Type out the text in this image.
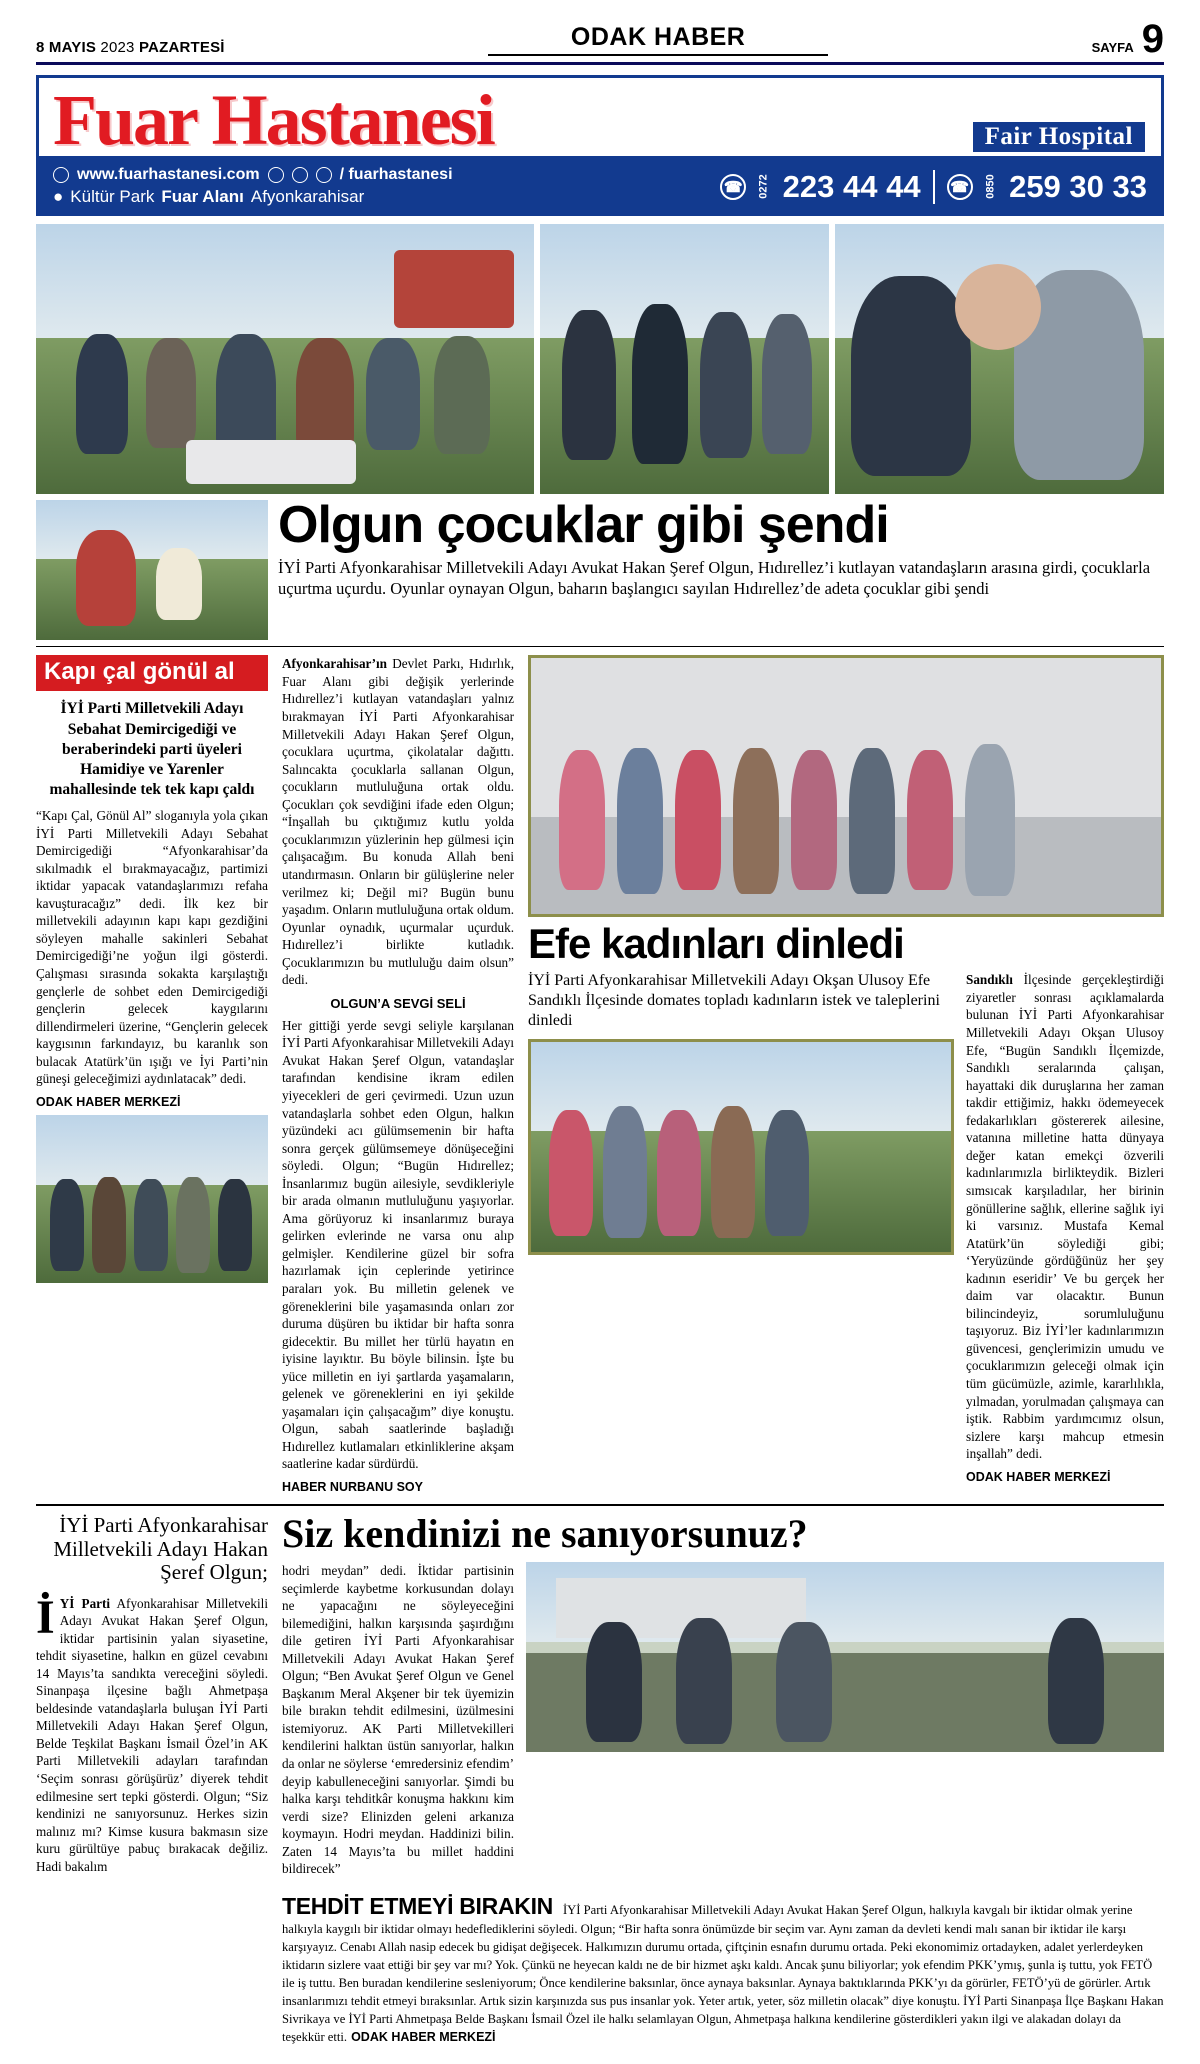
8 MAYIS 2023 PAZARTESİ	ODAK HABER	SAYFA 9
Fuar Hastanesi	Fair Hospital
www.fuarhastanesi.com	/ fuarhastanesi
● Kültür Park Fuar Alanı Afyonkarahisar	☎	0272 223 44 44 ☎	0850 259 30 33
Olgun çocuklar gibi şendi
İYİ Parti Afyonkarahisar Milletvekili Adayı Avukat Hakan Şeref Olgun, Hıdırellez’i kutlayan vatandaşların arasına girdi, çocuklarla uçurtma uçurdu. Oyunlar oynayan Olgun, baharın başlangıcı sayılan Hıdırellez’de adeta çocuklar gibi şendi
Kapı çal gönül al
İYİ Parti Milletvekili Adayı Sebahat Demircigediği ve beraberindeki parti üyeleri Hamidiye ve Yarenler mahallesinde tek tek kapı çaldı

“Kapı Çal, Gönül Al” sloganıyla yola çıkan İYİ Parti Milletvekili Adayı Sebahat Demircigediği “Afyonkarahisar’da sıkılmadık el bırakmayacağız, partimizi iktidar yapacak vatandaşlarımızı refaha kavuşturacağız” dedi. İlk kez bir milletvekili adayının kapı kapı gezdiğini söyleyen mahalle sakinleri Sebahat Demircigediği’ne yoğun ilgi gösterdi. Çalışması sırasında sokakta karşılaştığı gençlerle de sohbet eden Demircigediği gençlerin gelecek kaygılarını dillendirmeleri üzerine, “Gençlerin gelecek kaygısının farkındayız, bu karanlık son bulacak Atatürk’ün ışığı ve İyi Parti’nin güneşi geleceğimizi aydınlatacak” dedi.

ODAK HABER MERKEZİ

Afyonkarahisar’ın Devlet Parkı, Hıdırlık, Fuar Alanı gibi değişik yerlerinde Hıdırellez’i kutlayan vatandaşları yalnız bırakmayan İYİ Parti Afyonkarahisar Milletvekili Adayı Hakan Şeref Olgun, çocuklara uçurtma, çikolatalar dağıttı. Salıncakta çocuklarla sallanan Olgun, çocukların mutluluğuna ortak oldu. Çocukları çok sevdiğini ifade eden Olgun; “İnşallah bu çıktığımız kutlu yolda çocuklarımızın yüzlerinin hep gülmesi için çalışacağım. Bu konuda Allah beni utandırmasın. Onların bir gülüşlerine neler verilmez ki; Değil mi? Bugün bunu yaşadım. Onların mutluluğuna ortak oldum. Oyunlar oynadık, uçurmalar uçurduk. Hıdırellez’i birlikte kutladık. Çocuklarımızın bu mutluluğu daim olsun” dedi.

OLGUN’A SEVGİ SELİ

Her gittiği yerde sevgi seliyle karşılanan İYİ Parti Afyonkarahisar Milletvekili Adayı Avukat Hakan Şeref Olgun, vatandaşlar tarafından kendisine ikram edilen yiyecekleri de geri çevirmedi. Uzun uzun vatandaşlarla sohbet eden Olgun, halkın yüzündeki acı gülümsemenin bir hafta sonra gerçek gülümsemeye dönüşeceğini söyledi. Olgun; “Bugün Hıdırellez; İnsanlarımız bugün ailesiyle, sevdikleriyle bir arada olmanın mutluluğunu yaşıyorlar. Ama görüyoruz ki insanlarımız buraya gelirken evlerinde ne varsa onu alıp gelmişler. Kendilerine güzel bir sofra hazırlamak için ceplerinde yetirince paraları yok. Bu milletin gelenek ve göreneklerini bile yaşamasında onları zor duruma düşüren bu iktidar bir hafta sonra gidecektir. Bu millet her türlü hayatın en iyisine layıktır. Bu böyle bilinsin. İşte bu yüce milletin en iyi şartlarda yaşamaların, gelenek ve göreneklerini en iyi şekilde yaşamaları için çalışacağım” diye konuştu. Olgun, sabah saatlerinde başladığı Hıdırellez kutlamaları etkinliklerine akşam saatlerine kadar sürdürdü.

HABER NURBANU SOY
Efe kadınları dinledi
İYİ Parti Afyonkarahisar Milletvekili Adayı Okşan Ulusoy Efe Sandıklı İlçesinde domates topladı kadınların istek ve taleplerini dinledi

Sandıklı İlçesinde gerçekleştirdiği ziyaretler sonrası açıklamalarda bulunan İYİ Parti Afyonkarahisar Milletvekili Adayı Okşan Ulusoy Efe, “Bugün Sandıklı İlçemizde, Sandıklı seralarında çalışan, hayattaki dik duruşlarına her zaman takdir ettiğimiz, hakkı ödemeyecek fedakarlıkları göstererek ailesine, vatanına milletine hatta dünyaya değer katan emekçi özverili kadınlarımızla birlikteydik. Bizleri sımsıcak karşıladılar, her birinin gönüllerine sağlık, ellerine sağlık iyi ki varsınız. Mustafa Kemal Atatürk’ün söylediği gibi; ‘Yeryüzünde gördüğünüz her şey kadının eseridir’ Ve bu gerçek her daim var olacaktır. Bunun bilincindeyiz, sorumluluğunu taşıyoruz. Biz İYİ’ler kadınlarımızın güvencesi, gençlerimizin umudu ve çocuklarımızın geleceği olmak için tüm gücümüzle, azimle, kararlılıkla, yılmadan, yorulmadan çalışmaya can iştik. Rabbim yardımcımız olsun, sizlere karşı mahcup etmesin inşallah” dedi.

ODAK HABER MERKEZİ
İYİ Parti Afyonkarahisar Milletvekili Adayı Hakan Şeref Olgun;

İYİ Parti Afyonkarahisar Milletvekili Adayı Avukat Hakan Şeref Olgun, iktidar partisinin yalan siyasetine, tehdit siyasetine, halkın en güzel cevabını 14 Mayıs’ta sandıkta vereceğini söyledi. Sinanpaşa ilçesine bağlı Ahmetpaşa beldesinde vatandaşlarla buluşan İYİ Parti Milletvekili Adayı Hakan Şeref Olgun, Belde Teşkilat Başkanı İsmail Özel’in AK Parti Milletvekili adayları tarafından ‘Seçim sonrası görüşürüz’ diyerek tehdit edilmesine sert tepki gösterdi. Olgun; “Siz kendinizi ne sanıyorsunuz. Herkes sizin malınız mı? Kimse kusura bakmasın size kuru gürültüye pabuç bırakacak değiliz. Hadi bakalım

Siz kendinizi ne sanıyorsunuz?

hodri meydan” dedi. İktidar partisinin seçimlerde kaybetme korkusundan dolayı ne yapacağını ne söyleyeceğini bilemediğini, halkın karşısında şaşırdığını dile getiren İYİ Parti Afyonkarahisar Milletvekili Adayı Avukat Hakan Şeref Olgun; “Ben Avukat Şeref Olgun ve Genel Başkanım Meral Akşener bir tek üyemizin bile bırakın tehdit edilmesini, üzülmesini istemiyoruz. AK Parti Milletvekilleri kendilerini halktan üstün sanıyorlar, halkın da onlar ne söylerse ‘emredersiniz efendim’ deyip kabulleneceğini sanıyorlar. Şimdi bu halka karşı tehditkâr konuşma hakkını kim verdi size? Elinizden geleni arkanıza koymayın. Hodri meydan. Haddinizi bilin. Zaten 14 Mayıs’ta bu millet haddini bildirecek”

TEHDİT ETMEYİ BIRAKIN İYİ Parti Afyonkarahisar Milletvekili Adayı Avukat Hakan Şeref Olgun, halkıyla kavgalı bir iktidar olmak yerine halkıyla kaygılı bir iktidar olmayı hedeflediklerini söyledi. Olgun; “Bir hafta sonra önümüzde bir seçim var. Aynı zaman da devleti kendi malı sanan bir iktidar ile karşı karşıyayız. Cenabı Allah nasip edecek bu gidişat değişecek. Halkımızın durumu ortada, çiftçinin esnafın durumu ortada. Peki ekonomimiz ortadayken, adalet yerlerdeyken iktidarın sizlere vaat ettiği bir şey var mı? Yok. Çünkü ne heyecan kaldı ne de bir hizmet aşkı kaldı. Ancak şunu biliyorlar; yok efendim PKK’ymış, şunla iş tuttu, yok FETÖ ile iş tuttu. Ben buradan kendilerine sesleniyorum; Önce kendilerine baksınlar, önce aynaya baksınlar. Aynaya baktıklarında PKK’yı da görürler, FETÖ’yü de görürler. Artık insanlarımızı tehdit etmeyi bıraksınlar. Artık sizin karşınızda sus pus insanlar yok. Yeter artık, yeter, söz milletin olacak” diye konuştu. İYİ Parti Sinanpaşa İlçe Başkanı Hakan Sivrikaya ve İYİ Parti Ahmetpaşa Belde Başkanı İsmail Özel ile halkı selamlayan Olgun, Ahmetpaşa halkına kendilerine gösterdikleri yakın ilgi ve alakadan dolayı da teşekkür etti. ODAK HABER MERKEZİ
